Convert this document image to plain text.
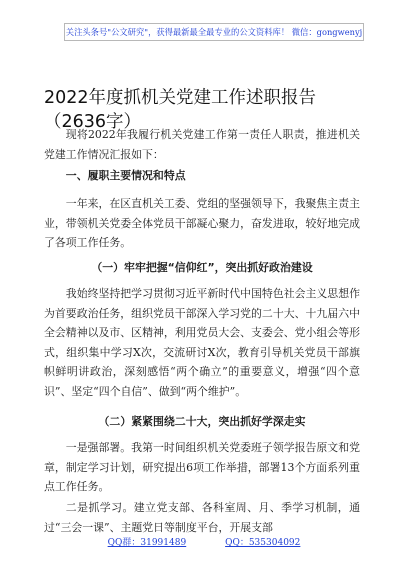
关注头条号"公文研究"，获得最新最全最专业的公文资料库！ 微信：gongwenyj
2022年度抓机关党建工作述职报告（2636字）

现将2022年我履行机关党建工作第一责任人职责，推进机关党建工作情况汇报如下：

一、履职主要情况和特点

一年来，在区直机关工委、党组的坚强领导下，我聚焦主责主业，带领机关党委全体党员干部凝心聚力，奋发进取，较好地完成了各项工作任务。

（一）牢牢把握“信仰红”，突出抓好政治建设

我始终坚持把学习贯彻习近平新时代中国特色社会主义思想作为首要政治任务，组织党员干部深入学习党的二十大、十九届六中全会精神以及市、区精神，利用党员大会、支委会、党小组会等形式，组织集中学习X次，交流研讨X次，教育引导机关党员干部旗帜鲜明讲政治，深刻感悟“两个确立”的重要意义，增强“四个意识”、坚定“四个自信”、做到“两个维护”。

（二）紧紧围绕二十大，突出抓好学深走实

一是强部署。我第一时间组织机关党委班子领学报告原文和党章，制定学习计划，研究提出6项工作举措，部署13个方面系列重点工作任务。

二是抓学习。建立党支部、各科室周、月、季学习机制，通过“三会一课”、主题党日等制度平台，开展支部

QQ群：31991489	QQ：535304092
